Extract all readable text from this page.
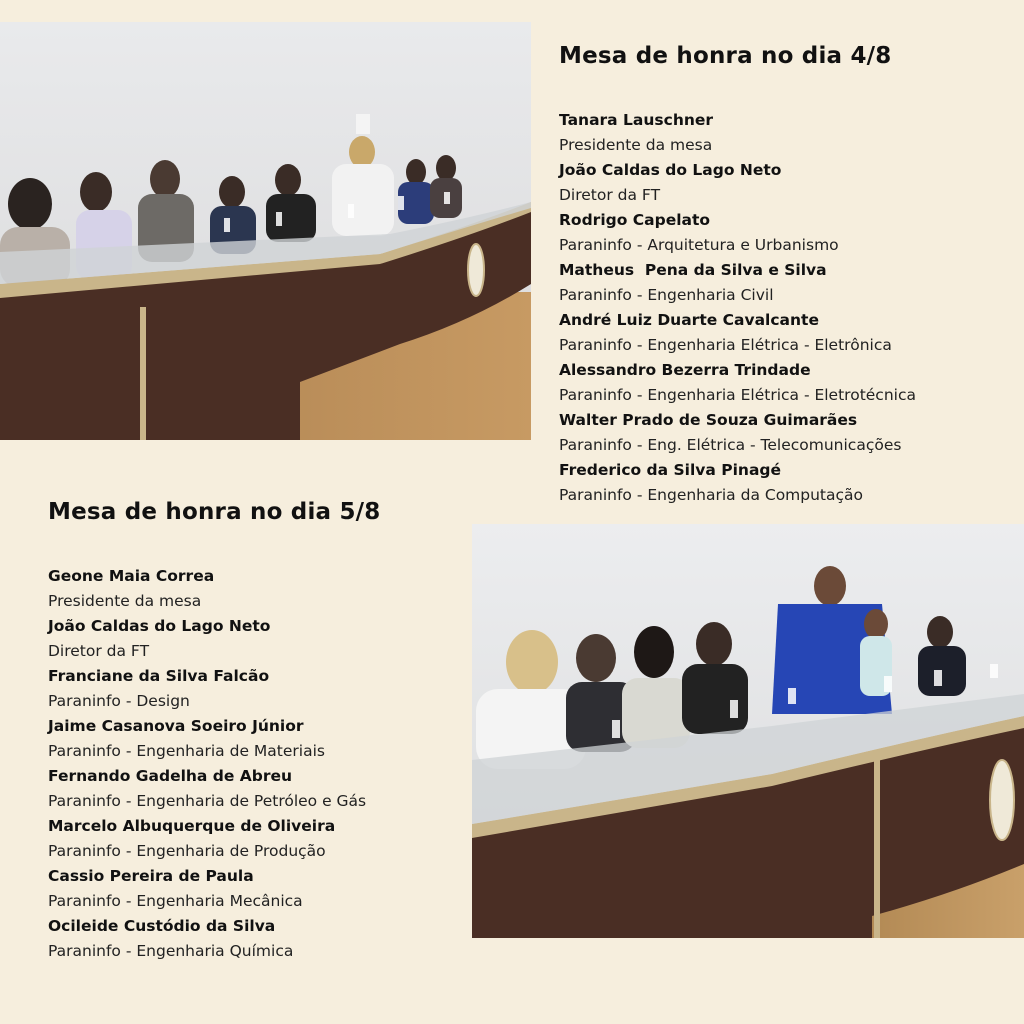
Mesa de honra no dia 4/8
Tanara Lauschner
Presidente da mesa
João Caldas do Lago Neto
Diretor da FT
Rodrigo Capelato
Paraninfo - Arquitetura e Urbanismo
Matheus  Pena da Silva e Silva
Paraninfo - Engenharia Civil
André Luiz Duarte Cavalcante
Paraninfo - Engenharia Elétrica - Eletrônica
Alessandro Bezerra Trindade
Paraninfo - Engenharia Elétrica - Eletrotécnica
Walter Prado de Souza Guimarães
Paraninfo - Eng. Elétrica - Telecomunicações
Frederico da Silva Pinagé
Paraninfo - Engenharia da Computação
Mesa de honra no dia 5/8
Geone Maia Correa
Presidente da mesa
João Caldas do Lago Neto
Diretor da FT
Franciane da Silva Falcão
Paraninfo - Design
Jaime Casanova Soeiro Júnior
Paraninfo - Engenharia de Materiais
Fernando Gadelha de Abreu
Paraninfo - Engenharia de Petróleo e Gás
Marcelo Albuquerque de Oliveira
Paraninfo - Engenharia de Produção
Cassio Pereira de Paula
Paraninfo - Engenharia Mecânica
Ocileide Custódio da Silva
Paraninfo - Engenharia Química
